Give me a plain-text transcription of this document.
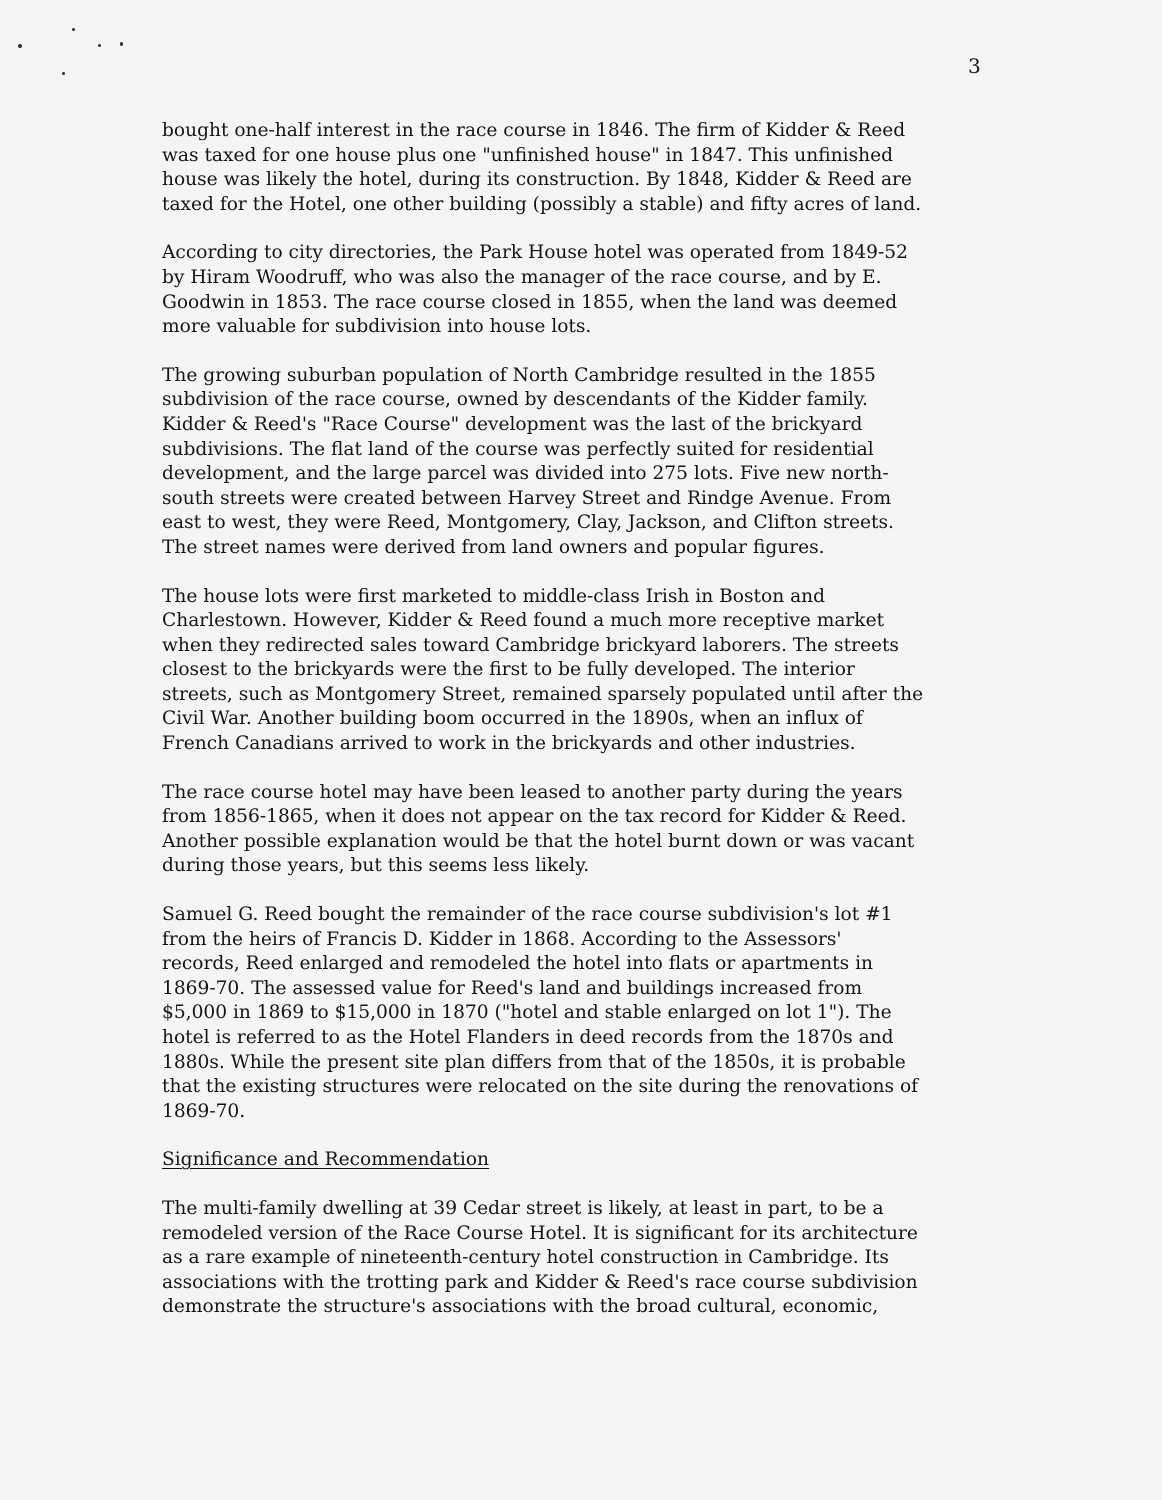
3

bought one-half interest in the race course in 1846. The firm of Kidder & Reed
was taxed for one house plus one "unfinished house" in 1847. This unfinished
house was likely the hotel, during its construction. By 1848, Kidder & Reed are
taxed for the Hotel, one other building (possibly a stable) and fifty acres of land.

According to city directories, the Park House hotel was operated from 1849-52
by Hiram Woodruff, who was also the manager of the race course, and by E.
Goodwin in 1853. The race course closed in 1855, when the land was deemed
more valuable for subdivision into house lots.

The growing suburban population of North Cambridge resulted in the 1855
subdivision of the race course, owned by descendants of the Kidder family.
Kidder & Reed's "Race Course" development was the last of the brickyard
subdivisions. The flat land of the course was perfectly suited for residential
development, and the large parcel was divided into 275 lots. Five new north-
south streets were created between Harvey Street and Rindge Avenue. From
east to west, they were Reed, Montgomery, Clay, Jackson, and Clifton streets.
The street names were derived from land owners and popular figures.

The house lots were first marketed to middle-class Irish in Boston and
Charlestown. However, Kidder & Reed found a much more receptive market
when they redirected sales toward Cambridge brickyard laborers. The streets
closest to the brickyards were the first to be fully developed. The interior
streets, such as Montgomery Street, remained sparsely populated until after the
Civil War. Another building boom occurred in the 1890s, when an influx of
French Canadians arrived to work in the brickyards and other industries.

The race course hotel may have been leased to another party during the years
from 1856-1865, when it does not appear on the tax record for Kidder & Reed.
Another possible explanation would be that the hotel burnt down or was vacant
during those years, but this seems less likely.

Samuel G. Reed bought the remainder of the race course subdivision's lot #1
from the heirs of Francis D. Kidder in 1868. According to the Assessors'
records, Reed enlarged and remodeled the hotel into flats or apartments in
1869-70. The assessed value for Reed's land and buildings increased from
$5,000 in 1869 to $15,000 in 1870 ("hotel and stable enlarged on lot 1"). The
hotel is referred to as the Hotel Flanders in deed records from the 1870s and
1880s. While the present site plan differs from that of the 1850s, it is probable
that the existing structures were relocated on the site during the renovations of
1869-70.

Significance and Recommendation

The multi-family dwelling at 39 Cedar street is likely, at least in part, to be a
remodeled version of the Race Course Hotel. It is significant for its architecture
as a rare example of nineteenth-century hotel construction in Cambridge. Its
associations with the trotting park and Kidder & Reed's race course subdivision
demonstrate the structure's associations with the broad cultural, economic,
